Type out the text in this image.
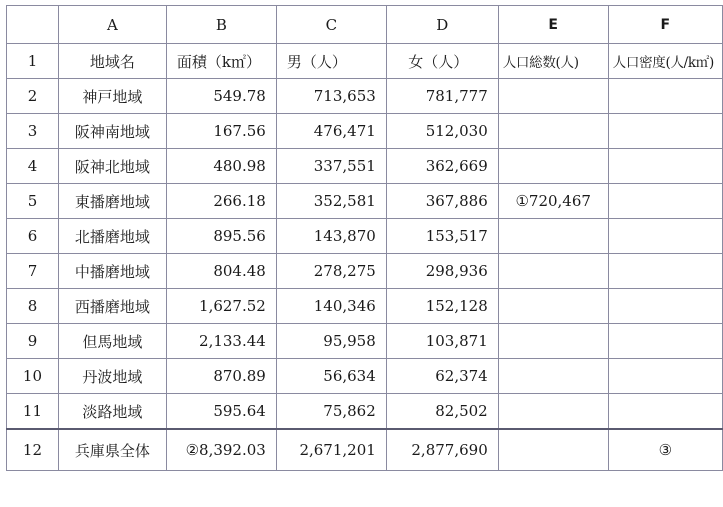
	A	B	C	D	E	F
1	地域名	面積（k㎡）	男（人）	女（人）	人口総数(人)	人口密度(人/k㎡)
2	神戸地域	549.78	713,653	781,777		
3	阪神南地域	167.56	476,471	512,030		
4	阪神北地域	480.98	337,551	362,669		
5	東播磨地域	266.18	352,581	367,886	①720,467	
6	北播磨地域	895.56	143,870	153,517		
7	中播磨地域	804.48	278,275	298,936		
8	西播磨地域	1,627.52	140,346	152,128		
9	但馬地域	2,133.44	95,958	103,871		
10	丹波地域	870.89	56,634	62,374		
11	淡路地域	595.64	75,862	82,502		
12	兵庫県全体	②8,392.03	2,671,201	2,877,690		③
